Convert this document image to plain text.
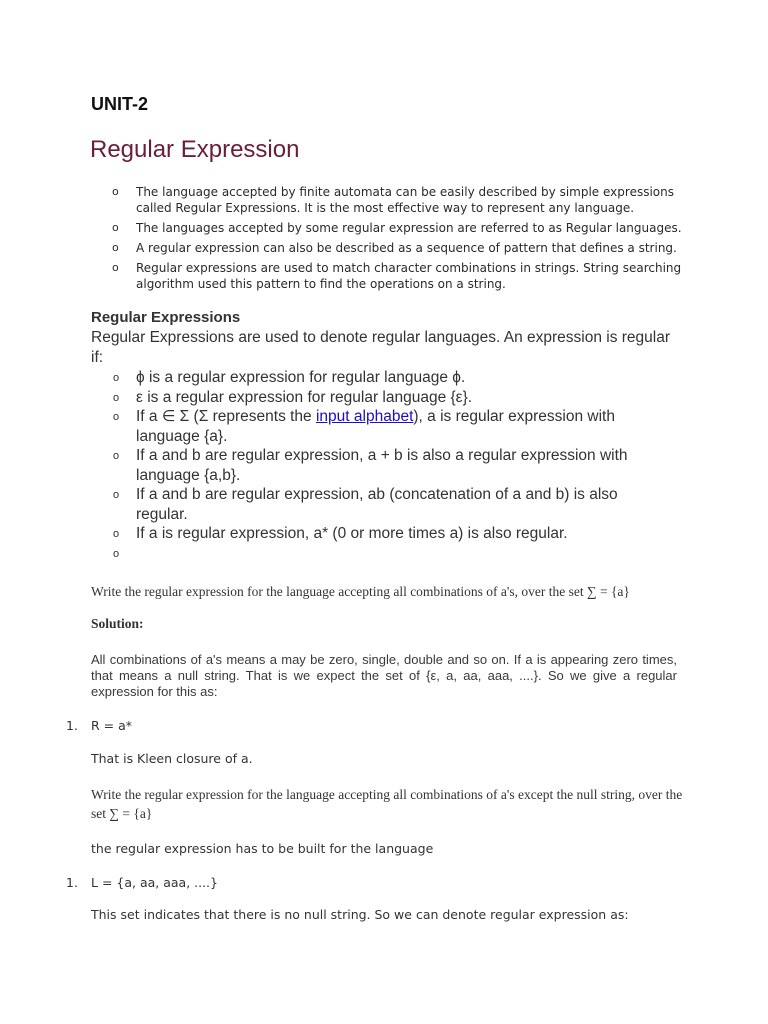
UNIT-2
Regular Expression
o The language accepted by finite automata can be easily described by simple expressions called Regular Expressions. It is the most effective way to represent any language.
o The languages accepted by some regular expression are referred to as Regular languages.
o A regular expression can also be described as a sequence of pattern that defines a string.
o Regular expressions are used to match character combinations in strings. String searching algorithm used this pattern to find the operations on a string.
Regular Expressions

Regular Expressions are used to denote regular languages. An expression is regular if:

o ϕ is a regular expression for regular language ϕ.
o ε is a regular expression for regular language {ε}.
o If a ∈ Σ (Σ represents the input alphabet), a is regular expression with language {a}.
o If a and b are regular expression, a + b is also a regular expression with language {a,b}.
o If a and b are regular expression, ab (concatenation of a and b) is also regular.
o If a is regular expression, a* (0 or more times a) is also regular.
o

Write the regular expression for the language accepting all combinations of a's, over the set ∑ = {a}

Solution:

All combinations of a's means a may be zero, single, double and so on. If a is appearing zero times, that means a null string. That is we expect the set of {ε, a, aa, aaa, ....}. So we give a regular expression for this as:

1. R = a*

That is Kleen closure of a.

Write the regular expression for the language accepting all combinations of a's except the null string, over the set ∑ = {a}

the regular expression has to be built for the language

1. L = {a, aa, aaa, ....}

This set indicates that there is no null string. So we can denote regular expression as:
